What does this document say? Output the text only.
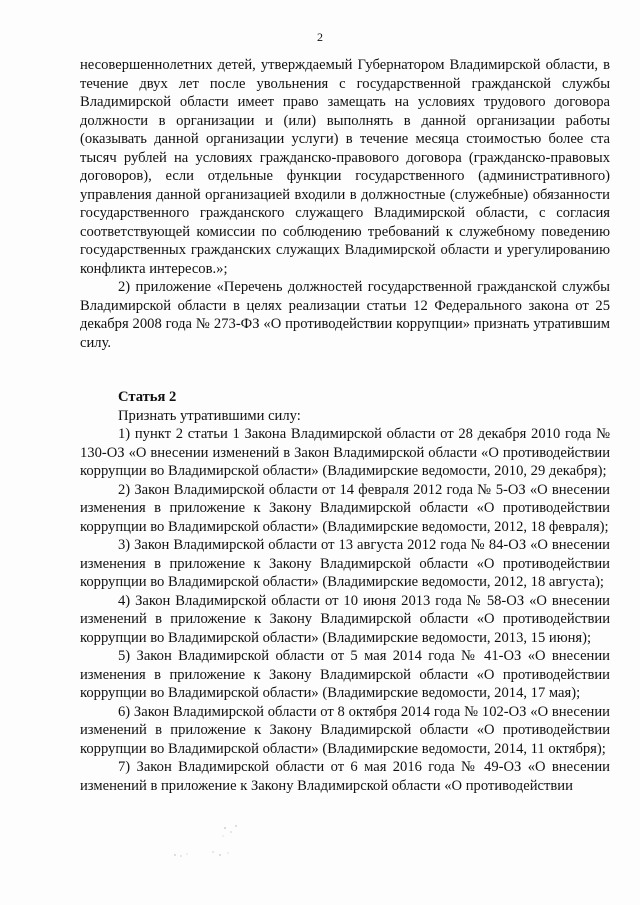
2

несовершеннолетних детей, утверждаемый Губернатором Владимирской области, в течение двух лет после увольнения с государственной гражданской службы Владимирской области имеет право замещать на условиях трудового договора должности в организации и (или) выполнять в данной организации работы (оказывать данной организации услуги) в течение месяца стоимостью более ста тысяч рублей на условиях гражданско-правового договора (гражданско-правовых договоров), если отдельные функции государственного (административного) управления данной организацией входили в должностные (служебные) обязанности государственного гражданского служащего Владимирской области, с согласия соответствующей комиссии по соблюдению требований к служебному поведению государственных гражданских служащих Владимирской области и урегулированию конфликта интересов.»;

2) приложение «Перечень должностей государственной гражданской службы Владимирской области в целях реализации статьи 12 Федерального закона от 25 декабря 2008 года № 273-ФЗ «О противодействии коррупции» признать утратившим силу.

Статья 2

Признать утратившими силу:

1) пункт 2 статьи 1 Закона Владимирской области от 28 декабря 2010 года № 130-ОЗ «О внесении изменений в Закон Владимирской области «О противодействии коррупции во Владимирской области» (Владимирские ведомости, 2010, 29 декабря);

2) Закон Владимирской области от 14 февраля 2012 года № 5-ОЗ «О внесении изменения в приложение к Закону Владимирской области «О противодействии коррупции во Владимирской области» (Владимирские ведомости, 2012, 18 февраля);

3) Закон Владимирской области от 13 августа 2012 года № 84-ОЗ «О внесении изменения в приложение к Закону Владимирской области «О противодействии коррупции во Владимирской области» (Владимирские ведомости, 2012, 18 августа);

4) Закон Владимирской области от 10 июня 2013 года № 58-ОЗ «О внесении изменений в приложение к Закону Владимирской области «О противодействии коррупции во Владимирской области» (Владимирские ведомости, 2013, 15 июня);

5) Закон Владимирской области от 5 мая 2014 года № 41-ОЗ «О внесении изменения в приложение к Закону Владимирской области «О противодействии коррупции во Владимирской области» (Владимирские ведомости, 2014, 17 мая);

6) Закон Владимирской области от 8 октября 2014 года № 102-ОЗ «О внесении изменений в приложение к Закону Владимирской области «О противодействии коррупции во Владимирской области» (Владимирские ведомости, 2014, 11 октября);

7) Закон Владимирской области от 6 мая 2016 года № 49-ОЗ «О внесении изменений в приложение к Закону Владимирской области «О противодействии
